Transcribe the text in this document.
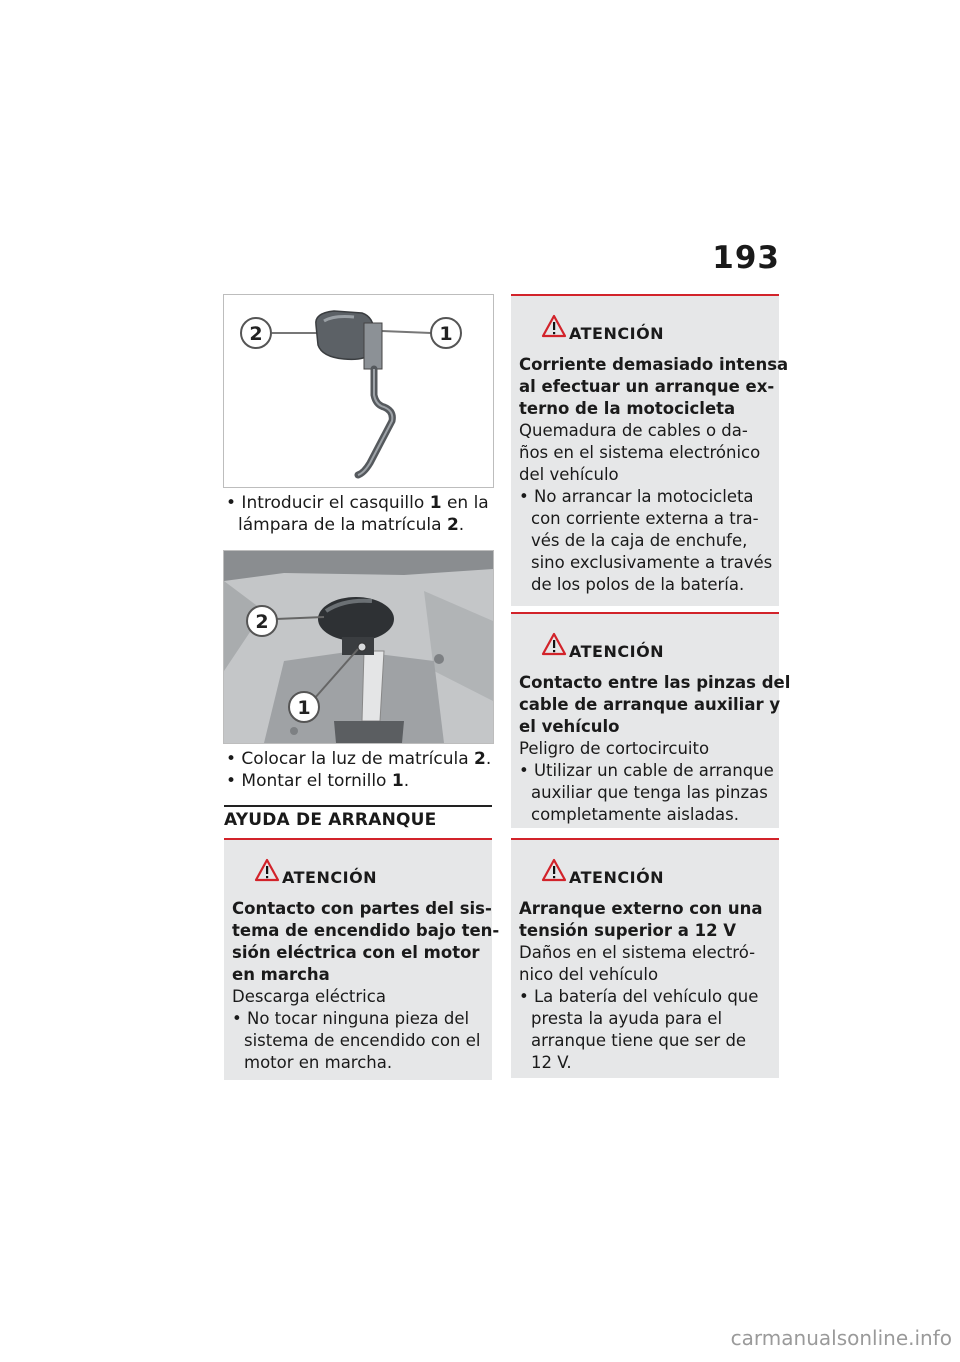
193
2	1
• Introducir el casquillo 1 en la
lámpara de la matrícula 2.
2
1
• Colocar la luz de matrícula 2.
• Montar el tornillo 1.
AYUDA DE ARRANQUE
ATENCIÓN
Contacto con partes del sis-
tema de encendido bajo ten-
sión eléctrica con el motor
en marcha
Descarga eléctrica
• No tocar ninguna pieza del
sistema de encendido con el
motor en marcha.
ATENCIÓN
Corriente demasiado intensa
al efectuar un arranque ex-
terno de la motocicleta
Quemadura de cables o da-
ños en el sistema electrónico
del vehículo
• No arrancar la motocicleta
con corriente externa a tra-
vés de la caja de enchufe,
sino exclusivamente a través
de los polos de la batería.
ATENCIÓN
Contacto entre las pinzas del
cable de arranque auxiliar y
el vehículo
Peligro de cortocircuito
• Utilizar un cable de arranque
auxiliar que tenga las pinzas
completamente aisladas.
ATENCIÓN
Arranque externo con una
tensión superior a 12 V
Daños en el sistema electró-
nico del vehículo
• La batería del vehículo que
presta la ayuda para el
arranque tiene que ser de
12 V.
carmanualsonline.info
